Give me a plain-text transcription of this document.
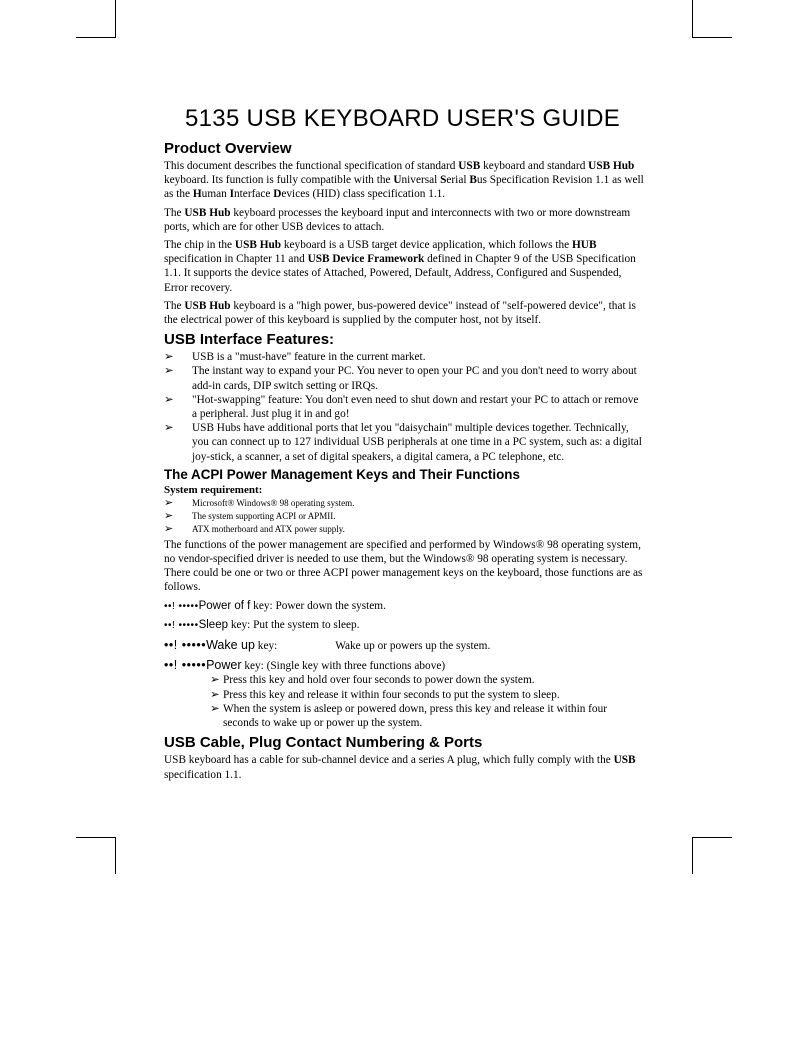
5135 USB KEYBOARD USER'S GUIDE
Product Overview

This document describes the functional specification of standard USB keyboard and standard USB Hub keyboard. Its function is fully compatible with the Universal Serial Bus Specification Revision 1.1 as well as the Human Interface Devices (HID) class specification 1.1.

The USB Hub keyboard processes the keyboard input and interconnects with two or more downstream ports, which are for other USB devices to attach.

The chip in the USB Hub keyboard is a USB target device application, which follows the HUB specification in Chapter 11 and USB Device Framework defined in Chapter 9 of the USB Specification 1.1. It supports the device states of Attached, Powered, Default, Address, Configured and Suspended, Error recovery.

The USB Hub keyboard is a "high power, bus-powered device" instead of "self-powered device", that is the electrical power of this keyboard is supplied by the computer host, not by itself.

USB Interface Features:
➢ USB is a "must-have" feature in the current market.
➢ The instant way to expand your PC. You never to open your PC and you don't need to worry about add-in cards, DIP switch setting or IRQs.
➢ "Hot-swapping" feature: You don't even need to shut down and restart your PC to attach or remove a peripheral. Just plug it in and go!
➢ USB Hubs have additional ports that let you "daisychain" multiple devices together. Technically, you can connect up to 127 individual USB peripherals at one time in a PC system, such as: a digital joy-stick, a scanner, a set of digital speakers, a digital camera, a PC telephone, etc.
The ACPI Power Management Keys and Their Functions
System requirement:
➢ Microsoft® Windows® 98 operating system.
➢ The system supporting ACPI or APMII.
➢ ATX motherboard and ATX power supply.

The functions of the power management are specified and performed by Windows® 98 operating system, no vendor-specified driver is needed to use them, but the Windows® 98 operating system is necessary. There could be one or two or three ACPI power management keys on the keyboard, those functions are as follows.

••! •••••Power of f key: Power down the system.
••! •••••Sleep key: Put the system to sleep.
••! •••••Wake up key:	Wake up or powers up the system.
••! •••••Power key: (Single key with three functions above)
➢ Press this key and hold over four seconds to power down the system.
➢ Press this key and release it within four seconds to put the system to sleep.
➢ When the system is asleep or powered down, press this key and release it within four seconds to wake up or power up the system.
USB Cable, Plug Contact Numbering & Ports

USB keyboard has a cable for sub-channel device and a series A plug, which fully comply with the USB specification 1.1.
